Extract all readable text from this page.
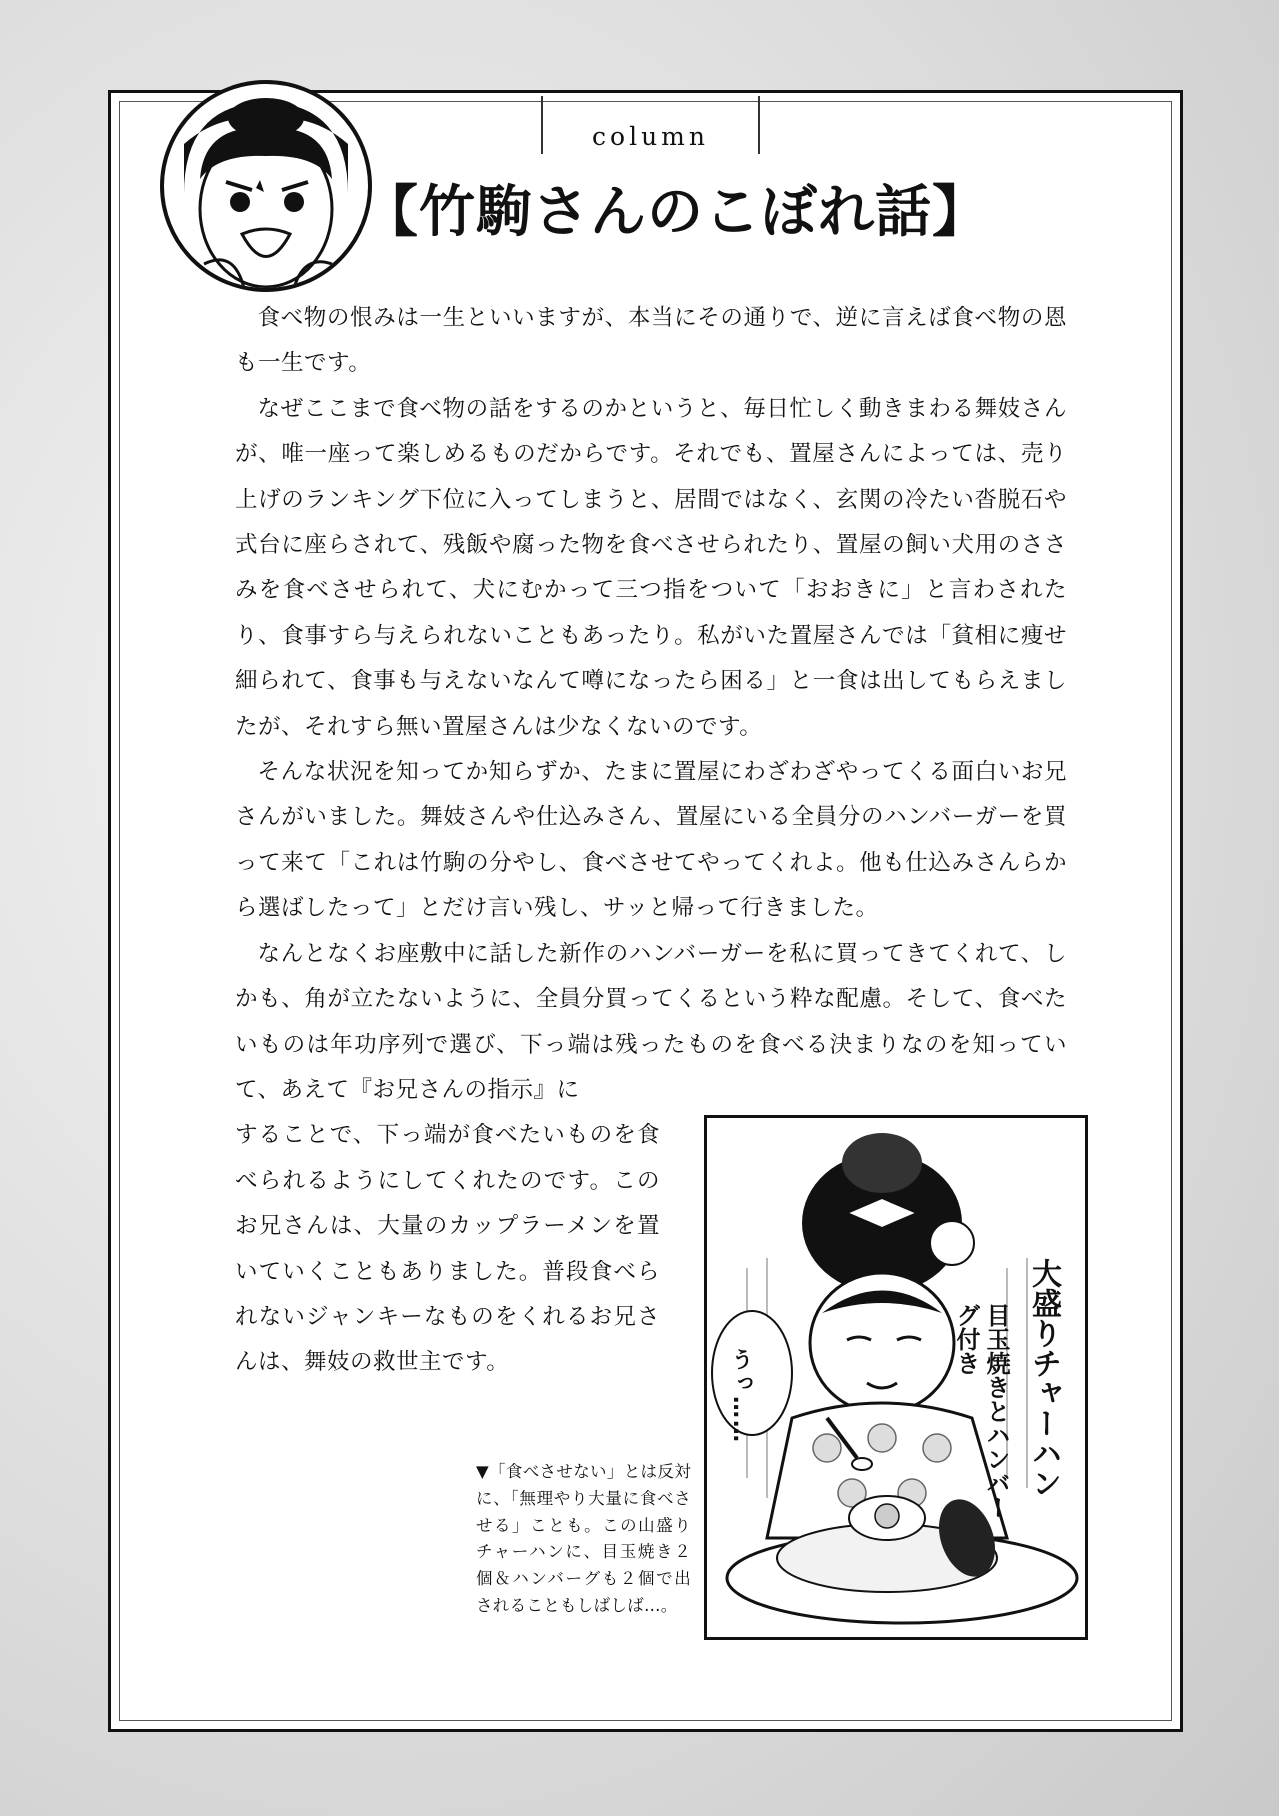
column
【竹駒さんのこぼれ話】

食べ物の恨みは一生といいますが、本当にその通りで、逆に言えば食べ物の恩も一生です。

なぜここまで食べ物の話をするのかというと、毎日忙しく動きまわる舞妓さんが、唯一座って楽しめるものだからです。それでも、置屋さんによっては、売り上げのランキング下位に入ってしまうと、居間ではなく、玄関の冷たい沓脱石や式台に座らされて、残飯や腐った物を食べさせられたり、置屋の飼い犬用のささみを食べさせられて、犬にむかって三つ指をついて「おおきに」と言わされたり、食事すら与えられないこともあったり。私がいた置屋さんでは「貧相に痩せ細られて、食事も与えないなんて噂になったら困る」と一食は出してもらえましたが、それすら無い置屋さんは少なくないのです。

そんな状況を知ってか知らずか、たまに置屋にわざわざやってくる面白いお兄さんがいました。舞妓さんや仕込みさん、置屋にいる全員分のハンバーガーを買って来て「これは竹駒の分やし、食べさせてやってくれよ。他も仕込みさんらから選ばしたって」とだけ言い残し、サッと帰って行きました。

なんとなくお座敷中に話した新作のハンバーガーを私に買ってきてくれて、しかも、角が立たないように、全員分買ってくるという粋な配慮。そして、食べたいものは年功序列で選び、下っ端は残ったものを食べる決まりなのを知っていて、あえて『お兄さんの指示』に

することで、下っ端が食べたいものを食べられるようにしてくれたのです。このお兄さんは、大量のカップラーメンを置いていくこともありました。普段食べられないジャンキーなものをくれるお兄さんは、舞妓の救世主です。	うっ……	大盛りチャーハン
目玉焼きとハンバーグ付き
▼「食べさせない」とは反対に、「無理やり大量に食べさせる」ことも。この山盛りチャーハンに、目玉焼き２個＆ハンバーグも２個で出されることもしばしば…。
